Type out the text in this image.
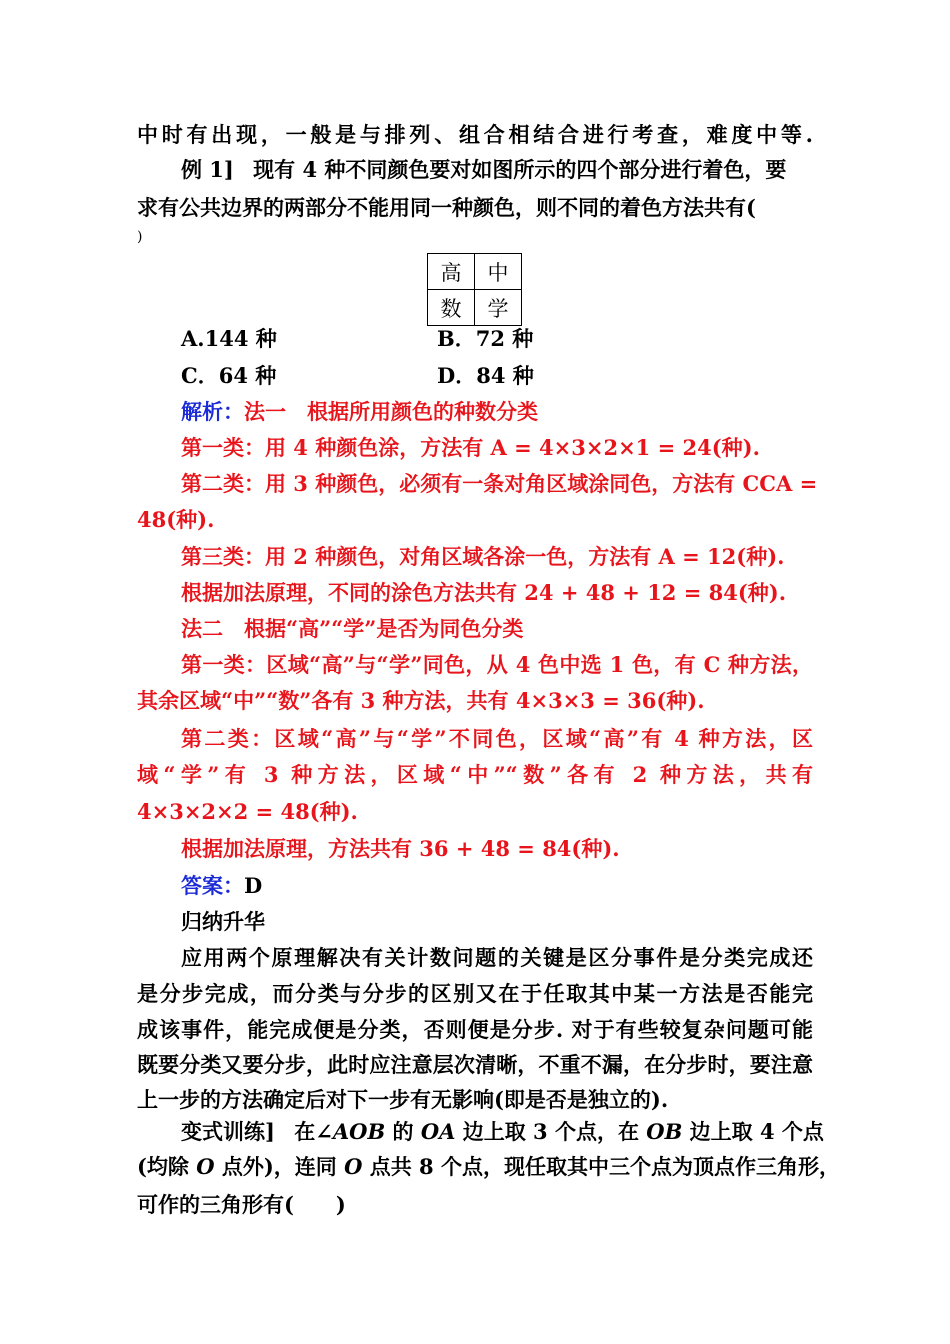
中时有出现，一般是与排列、组合相结合进行考查，难度中等.
例 1] 现有 4 种不同颜色要对如图所示的四个部分进行着色，要
求有公共边界的两部分不能用同一种颜色，则不同的着色方法共有(
)
高	中
数	学
A.144 种	B．72 种
C．64 种	D．84 种
解析：法一　根据所用颜色的种数分类
第一类：用 4 种颜色涂，方法有 A = 4×3×2×1 = 24(种).
第二类：用 3 种颜色，必须有一条对角区域涂同色，方法有 CCA =
48(种).
第三类：用 2 种颜色，对角区域各涂一色，方法有 A = 12(种).
根据加法原理，不同的涂色方法共有 24 + 48 + 12 = 84(种).
法二　根据“高”“学”是否为同色分类
第一类：区域“高”与“学”同色，从 4 色中选 1 色，有 C 种方法，
其余区域“中”“数”各有 3 种方法，共有 4×3×3 = 36(种).
第二类：区域“高”与“学”不同色，区域“高”有 4 种方法，区
域“学”有 3 种方法，区域“中”“数”各有 2 种方法，共有
4×3×2×2 = 48(种).
根据加法原理，方法共有 36 + 48 = 84(种).
答案：D
归纳升华
应用两个原理解决有关计数问题的关键是区分事件是分类完成还
是分步完成，而分类与分步的区别又在于任取其中某一方法是否能完
成该事件，能完成便是分类，否则便是分步. 对于有些较复杂问题可能
既要分类又要分步，此时应注意层次清晰，不重不漏，在分步时，要注意
上一步的方法确定后对下一步有无影响(即是否是独立的).
变式训练] 在∠AOB 的 OA 边上取 3 个点，在 OB 边上取 4 个点
(均除 O 点外)，连同 O 点共 8 个点，现任取其中三个点为顶点作三角形，
可作的三角形有(　　)
